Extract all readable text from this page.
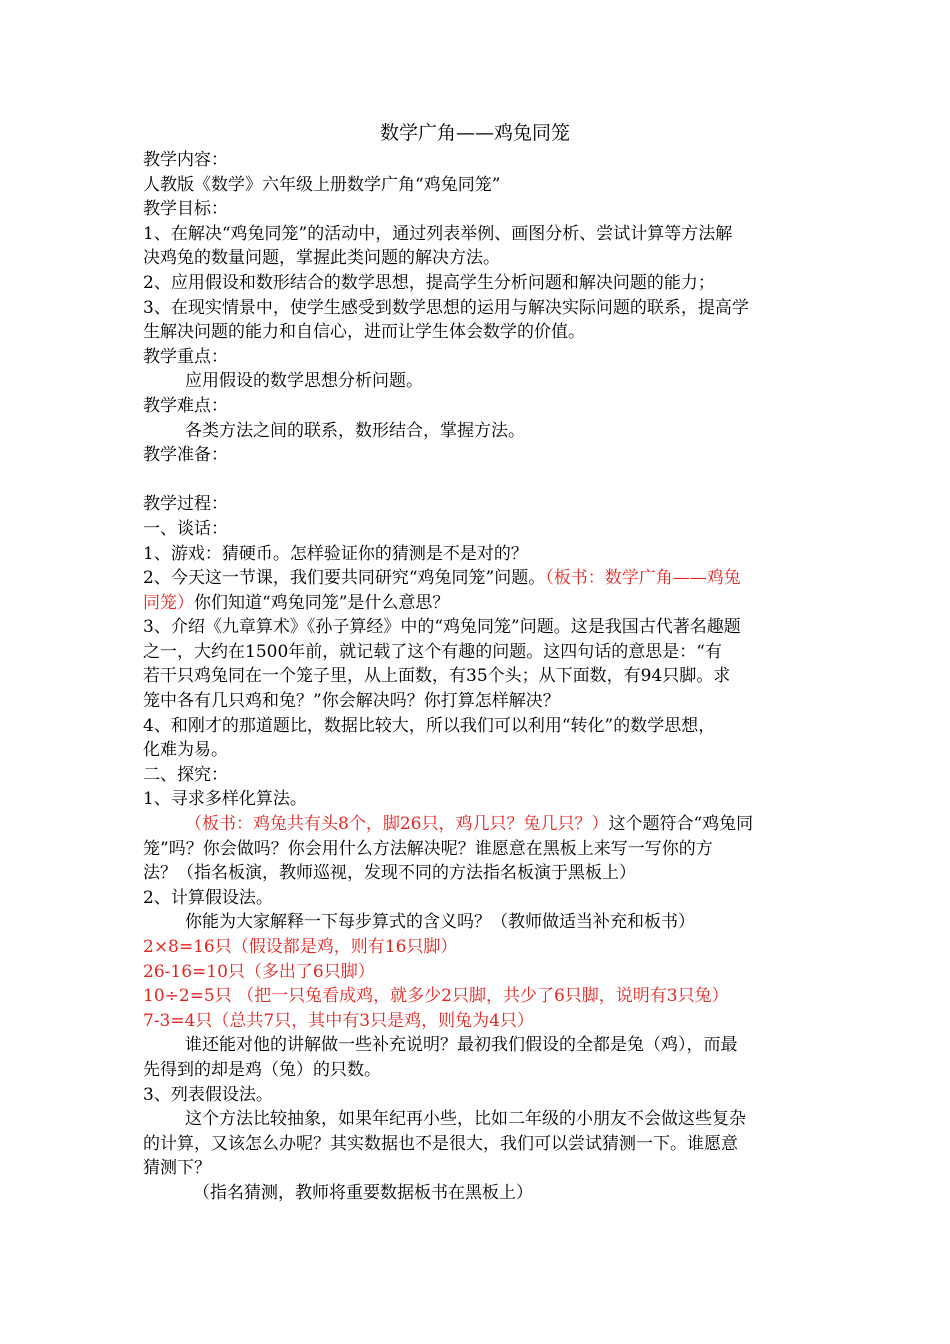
数学广角——鸡兔同笼

教学内容：

人教版《数学》六年级上册数学广角“鸡兔同笼”

教学目标：

1、在解决“鸡兔同笼”的活动中，通过列表举例、画图分析、尝试计算等方法解

决鸡兔的数量问题，掌握此类问题的解决方法。

2、应用假设和数形结合的数学思想，提高学生分析问题和解决问题的能力；

3、在现实情景中，使学生感受到数学思想的运用与解决实际问题的联系，提高学

生解决问题的能力和自信心，进而让学生体会数学的价值。

教学重点：

应用假设的数学思想分析问题。

教学难点：

各类方法之间的联系，数形结合，掌握方法。

教学准备：

教学过程：

一、谈话：

1、游戏：猜硬币。怎样验证你的猜测是不是对的？

2、今天这一节课，我们要共同研究“鸡兔同笼”问题。（板书：数学广角——鸡兔

同笼）你们知道“鸡兔同笼”是什么意思？

3、介绍《九章算术》《孙子算经》中的“鸡兔同笼”问题。这是我国古代著名趣题

之一，大约在1500年前，就记载了这个有趣的问题。这四句话的意思是：“有

若干只鸡兔同在一个笼子里，从上面数，有35个头；从下面数，有94只脚。求

笼中各有几只鸡和兔？”你会解决吗？你打算怎样解决？

4、和刚才的那道题比，数据比较大，所以我们可以利用“转化”的数学思想，

化难为易。

二、探究：

1、寻求多样化算法。

（板书：鸡兔共有头8个，脚26只，鸡几只？兔几只？）这个题符合“鸡兔同

笼”吗？你会做吗？你会用什么方法解决呢？谁愿意在黑板上来写一写你的方

法？（指名板演，教师巡视，发现不同的方法指名板演于黑板上）

2、计算假设法。

你能为大家解释一下每步算式的含义吗？（教师做适当补充和板书）

2×8=16只（假设都是鸡，则有16只脚）

26-16=10只（多出了6只脚）

10÷2=5只 （把一只兔看成鸡，就多少2只脚，共少了6只脚，说明有3只兔）

7-3=4只（总共7只，其中有3只是鸡，则兔为4只）

谁还能对他的讲解做一些补充说明？最初我们假设的全都是兔（鸡），而最

先得到的却是鸡（兔）的只数。

3、列表假设法。

这个方法比较抽象，如果年纪再小些，比如二年级的小朋友不会做这些复杂

的计算，又该怎么办呢？其实数据也不是很大，我们可以尝试猜测一下。谁愿意

猜测下？

（指名猜测，教师将重要数据板书在黑板上）
